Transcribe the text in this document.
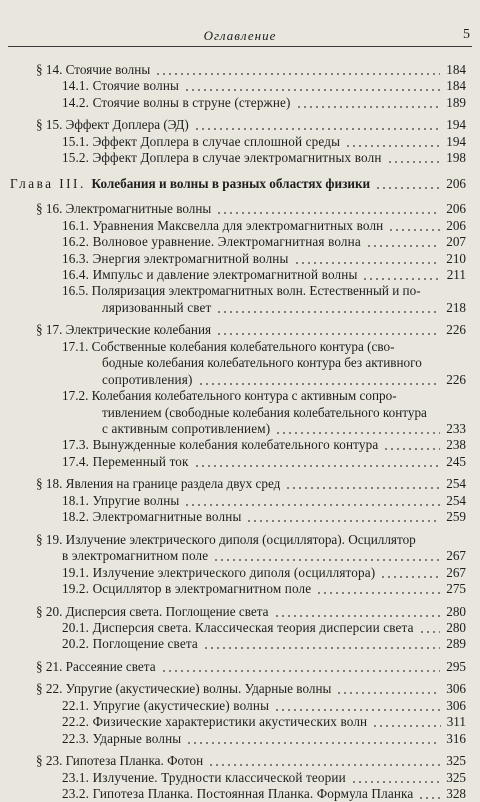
Оглавление	5
§ 14. Стоячие волны	184
14.1. Стоячие волны	184
14.2. Стоячие волны в струне (стержне)	189
§ 15. Эффект Доплера (ЭД)	194
15.1. Эффект Доплера в случае сплошной среды	194
15.2. Эффект Доплера в случае электромагнитных волн	198
Глава III. Колебания и волны в разных областях физики	206
§ 16. Электромагнитные волны	206
16.1. Уравнения Максвелла для электромагнитных волн	206
16.2. Волновое уравнение. Электромагнитная волна	207
16.3. Энергия электромагнитной волны	210
16.4. Импульс и давление электромагнитной волны	211
16.5. Поляризация электромагнитных волн. Естественный и по-
ляризованный свет	218
§ 17. Электрические колебания	226
17.1. Собственные колебания колебательного контура (сво-
бодные колебания колебательного контура без активного
сопротивления)	226
17.2. Колебания колебательного контура с активным сопро-
тивлением (свободные колебания колебательного контура
с активным сопротивлением)	233
17.3. Вынужденные колебания колебательного контура	238
17.4. Переменный ток	245
§ 18. Явления на границе раздела двух сред	254
18.1. Упругие волны	254
18.2. Электромагнитные волны	259
§ 19. Излучение электрического диполя (осциллятора). Осциллятор
в электромагнитном поле	267
19.1. Излучение электрического диполя (осциллятора)	267
19.2. Осциллятор в электромагнитном поле	275
§ 20. Дисперсия света. Поглощение света	280
20.1. Дисперсия света. Классическая теория дисперсии света 280
20.2. Поглощение света	289
§ 21. Рассеяние света	295
§ 22. Упругие (акустические) волны. Ударные волны	306
22.1. Упругие (акустические) волны	306
22.2. Физические характеристики акустических волн	311
22.3. Ударные волны	316
§ 23. Гипотеза Планка. Фотон	325
23.1. Излучение. Трудности классической теории	325
23.2. Гипотеза Планка. Постоянная Планка. Формула Планка 328
